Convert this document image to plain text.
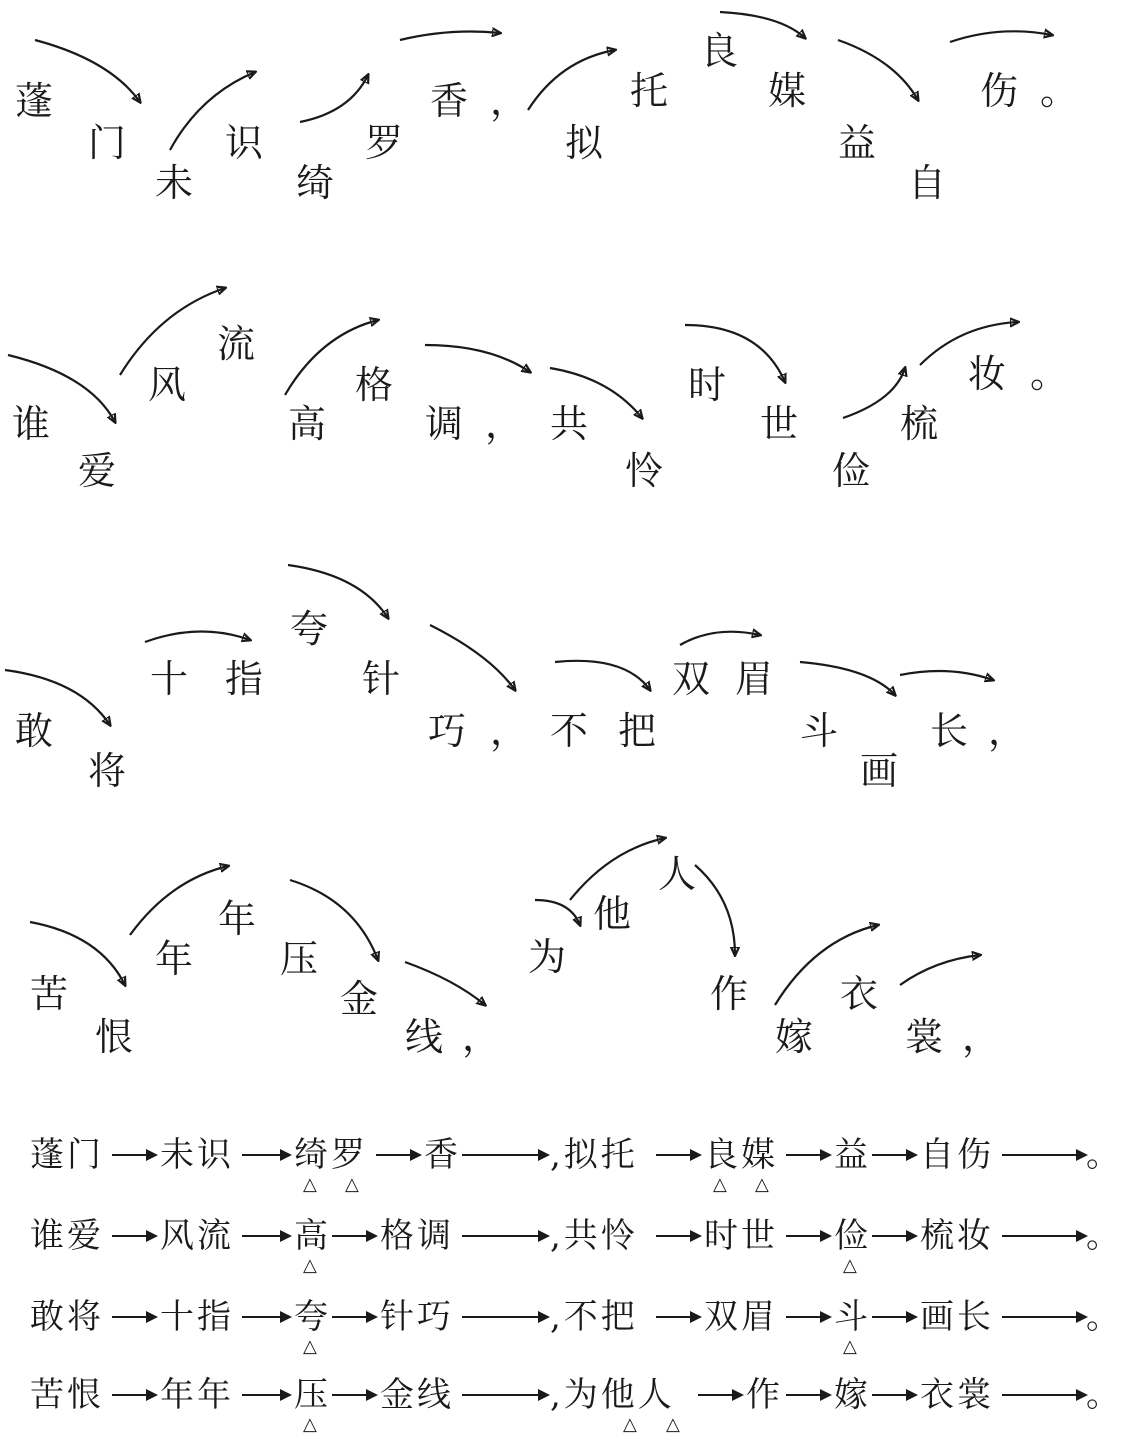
蓬
门
未
识
绮
罗
香 ，
拟
托
良
媒
益
自
伤 。
谁
爱
风
流
高
格
调 ， 共
怜
时
世
俭
梳
妆 。
敢
将
十 指
夸
针
巧 ， 不 把
双 眉
斗
画
长 ，
苦
恨
年
年
压
金
线 ，
为
他
人
作
嫁
衣
裳 ，
蓬门 未识 绮罗 香	,拟托 良媒 益 自伤	。
△ △	△ △
谁爱 风流 高 格调	,共怜 时世 俭 梳妆	。
△	△
敢将 十指 夸 针巧	,不把 双眉 斗 画长	。
△	△
苦恨 年年 压 金线	,为他人 作 嫁 衣裳	。
△	△ △
